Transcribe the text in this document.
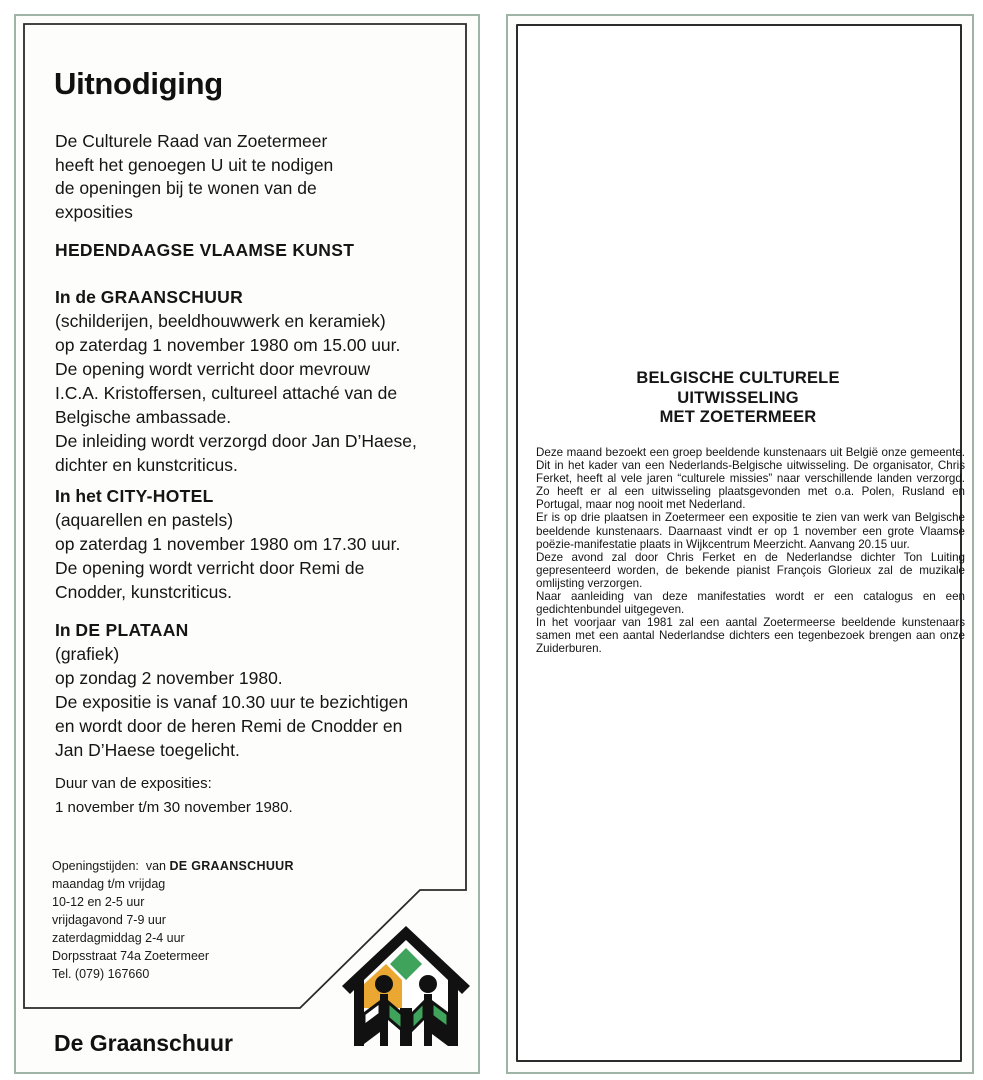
Uitnodiging
De Culturele Raad van Zoetermeer
heeft het genoegen U uit te nodigen
de openingen bij te wonen van de
exposities
HEDENDAAGSE VLAAMSE KUNST
In de GRAANSCHUUR
(schilderijen, beeldhouwwerk en keramiek)
op zaterdag 1 november 1980 om 15.00 uur.
De opening wordt verricht door mevrouw
I.C.A. Kristoffersen, cultureel attaché van de
Belgische ambassade.
De inleiding wordt verzorgd door Jan D’Haese,
dichter en kunstcriticus.
In het CITY-HOTEL
(aquarellen en pastels)
op zaterdag 1 november 1980 om 17.30 uur.
De opening wordt verricht door Remi de
Cnodder, kunstcriticus.
In DE PLATAAN
(grafiek)
op zondag 2 november 1980.
De expositie is vanaf 10.30 uur te bezichtigen
en wordt door de heren Remi de Cnodder en
Jan D’Haese toegelicht.
Duur van de exposities:
1 november t/m 30 november 1980.
Openingstijden: van DE GRAANSCHUUR
maandag t/m vrijdag
10-12 en 2-5 uur
vrijdagavond 7-9 uur
zaterdagmiddag 2-4 uur
Dorpsstraat 74a Zoetermeer
Tel. (079) 167660
De Graanschuur
BELGISCHE CULTURELE
UITWISSELING
MET ZOETERMEER
Deze maand bezoekt een groep beeldende kunstenaars uit België onze gemeente. Dit in het kader van een Nederlands-Belgische uitwisseling. De organisator, Chris Ferket, heeft al vele jaren “culturele missies” naar verschillende landen verzorgd. Zo heeft er al een uitwisseling plaatsgevonden met o.a. Polen, Rusland en Portugal, maar nog nooit met Nederland.
Er is op drie plaatsen in Zoetermeer een expositie te zien van werk van Belgische beeldende kunstenaars. Daarnaast vindt er op 1 november een grote Vlaamse poëzie-manifestatie plaats in Wijkcentrum Meerzicht. Aanvang 20.15 uur.
Deze avond zal door Chris Ferket en de Nederlandse dichter Ton Luiting gepresenteerd worden, de bekende pianist François Glorieux zal de muzikale omlijsting verzorgen.
Naar aanleiding van deze manifestaties wordt er een catalogus en een gedichtenbundel uitgegeven.
In het voorjaar van 1981 zal een aantal Zoetermeerse beeldende kunstenaars samen met een aantal Nederlandse dichters een tegenbezoek brengen aan onze Zuiderburen.
